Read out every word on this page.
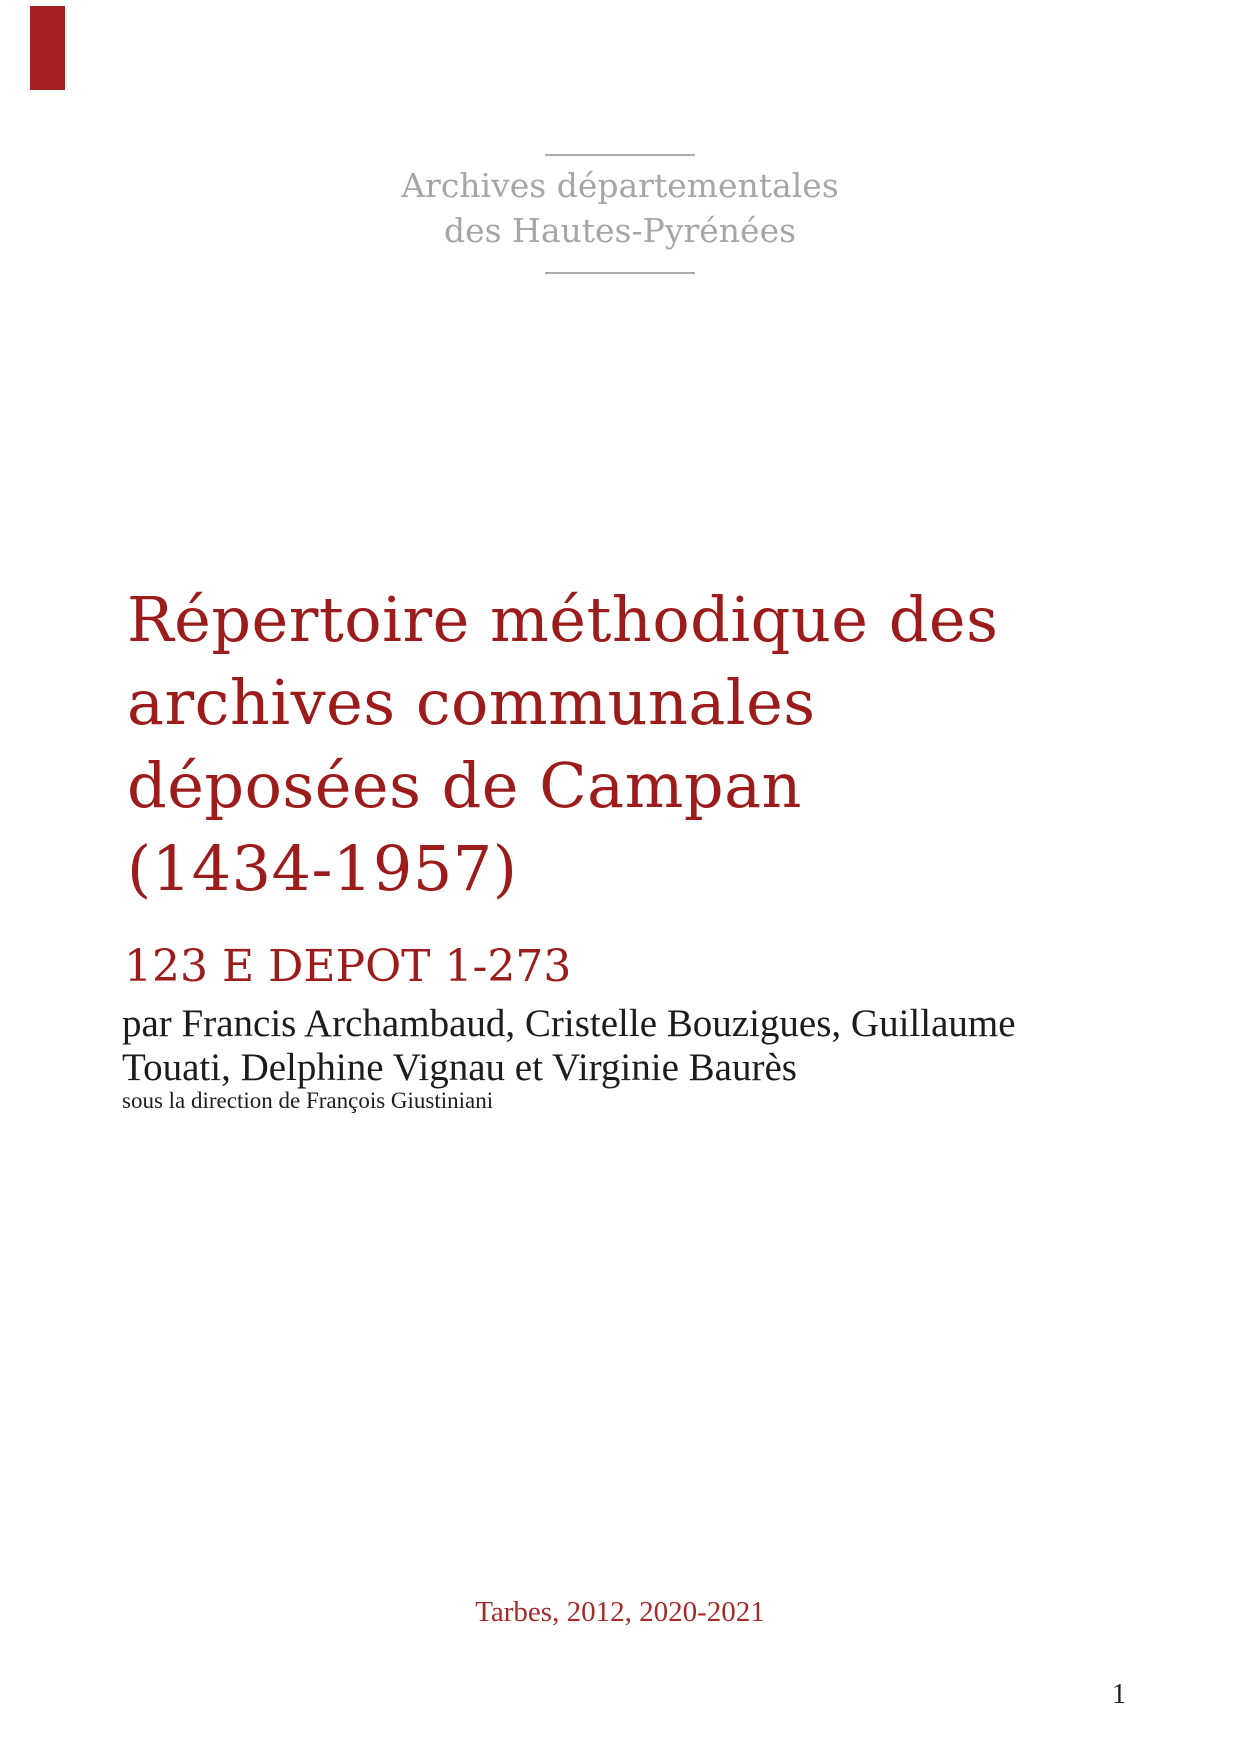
Archives départementales
des Hautes-Pyrénées
Répertoire méthodique des
archives communales
déposées de Campan
(1434-1957)
123 E DEPOT 1-273
par Francis Archambaud, Cristelle Bouzigues, Guillaume
Touati, Delphine Vignau et Virginie Baurès
sous la direction de François Giustiniani
Tarbes, 2012, 2020-2021
1
